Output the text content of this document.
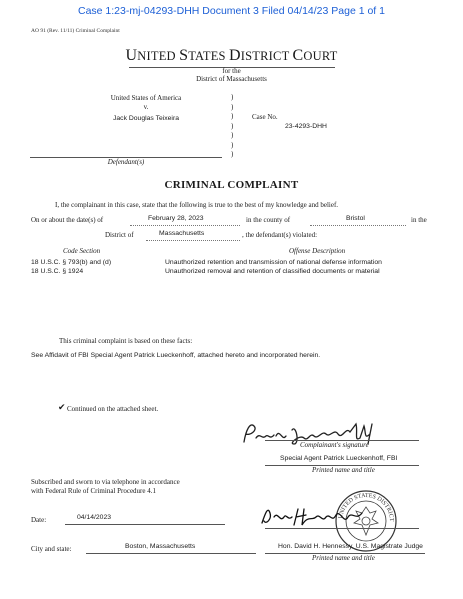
Case 1:23-mj-04293-DHH Document 3 Filed 04/14/23 Page 1 of 1
AO 91 (Rev. 11/11) Criminal Complaint
UNITED STATES DISTRICT COURT
for the
District of Massachusetts
United States of America
v.
Jack Douglas Teixeira
Defendant(s)
)
)
)
)
)
)
)
Case No.
23-4293-DHH
CRIMINAL COMPLAINT
I, the complainant in this case, state that the following is true to the best of my knowledge and belief.
On or about the date(s) of	February 28, 2023	in the county of	Bristol	in the
District of	Massachusetts	, the defendant(s) violated:
Code Section	Offense Description
18 U.S.C. § 793(b) and (d)	Unauthorized retention and transmission of national defense information
18 U.S.C. § 1924	Unauthorized removal and retention of classified documents or material
This criminal complaint is based on these facts:
See Affidavit of FBI Special Agent Patrick Lueckenhoff, attached hereto and incorporated herein.
✔ Continued on the attached sheet.
Complainant's signature
Special Agent Patrick Lueckenhoff, FBI
Printed name and title
Subscribed and sworn to via telephone in accordance
with Federal Rule of Criminal Procedure 4.1
UNITED STATES DISTRICT COURT
Date:	04/14/2023
City and state:	Boston, Massachusetts	Hon. David H. Hennessy, U.S. Magistrate Judge
Printed name and title
